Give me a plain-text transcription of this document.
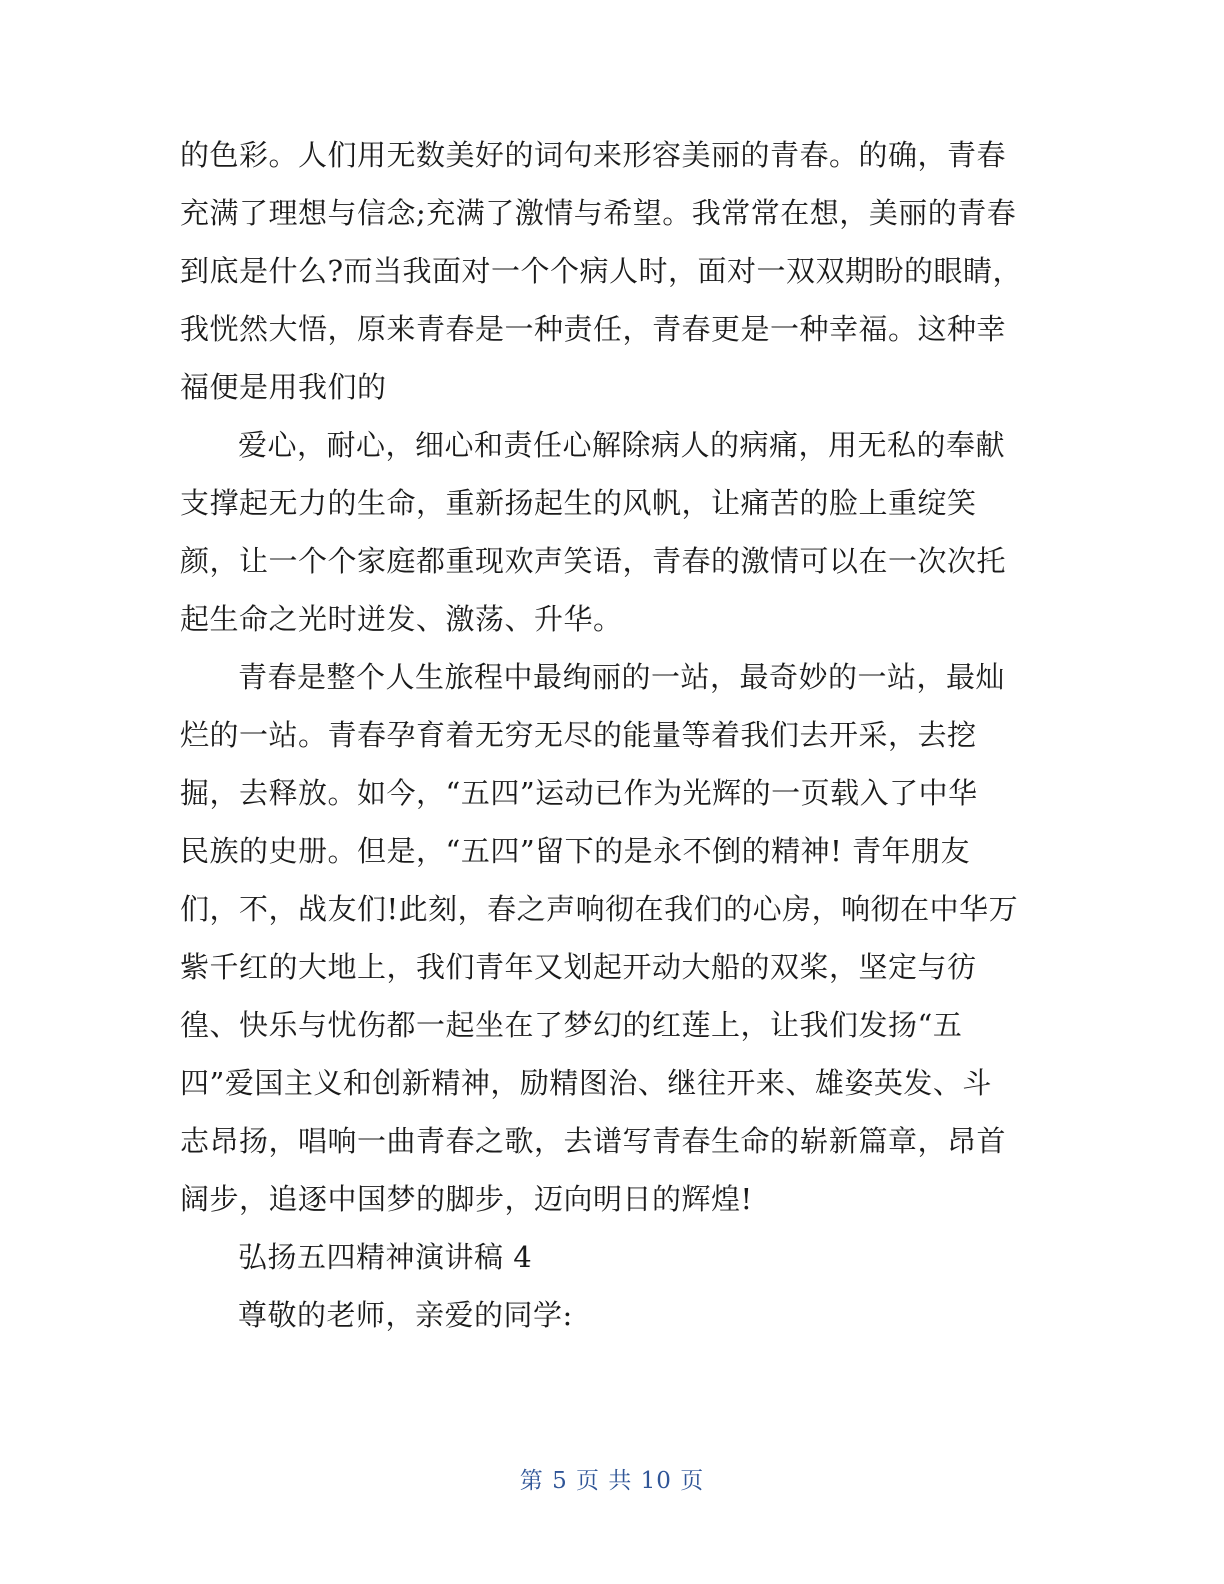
的色彩。人们用无数美好的词句来形容美丽的青春。的确，青春
充满了理想与信念;充满了激情与希望。我常常在想，美丽的青春
到底是什么?而当我面对一个个病人时，面对一双双期盼的眼睛，
我恍然大悟，原来青春是一种责任，青春更是一种幸福。这种幸
福便是用我们的
爱心，耐心，细心和责任心解除病人的病痛，用无私的奉献
支撑起无力的生命，重新扬起生的风帆，让痛苦的脸上重绽笑
颜，让一个个家庭都重现欢声笑语，青春的激情可以在一次次托
起生命之光时迸发、激荡、升华。
青春是整个人生旅程中最绚丽的一站，最奇妙的一站，最灿
烂的一站。青春孕育着无穷无尽的能量等着我们去开采，去挖
掘，去释放。如今，“五四”运动已作为光辉的一页载入了中华
民族的史册。但是，“五四”留下的是永不倒的精神! 青年朋友
们，不，战友们!此刻，春之声响彻在我们的心房，响彻在中华万
紫千红的大地上，我们青年又划起开动大船的双桨，坚定与彷
徨、快乐与忧伤都一起坐在了梦幻的红莲上，让我们发扬“五
四”爱国主义和创新精神，励精图治、继往开来、雄姿英发、斗
志昂扬，唱响一曲青春之歌，去谱写青春生命的崭新篇章，昂首
阔步，追逐中国梦的脚步，迈向明日的辉煌!
弘扬五四精神演讲稿 4
尊敬的老师，亲爱的同学:
第 5 页 共 10 页
